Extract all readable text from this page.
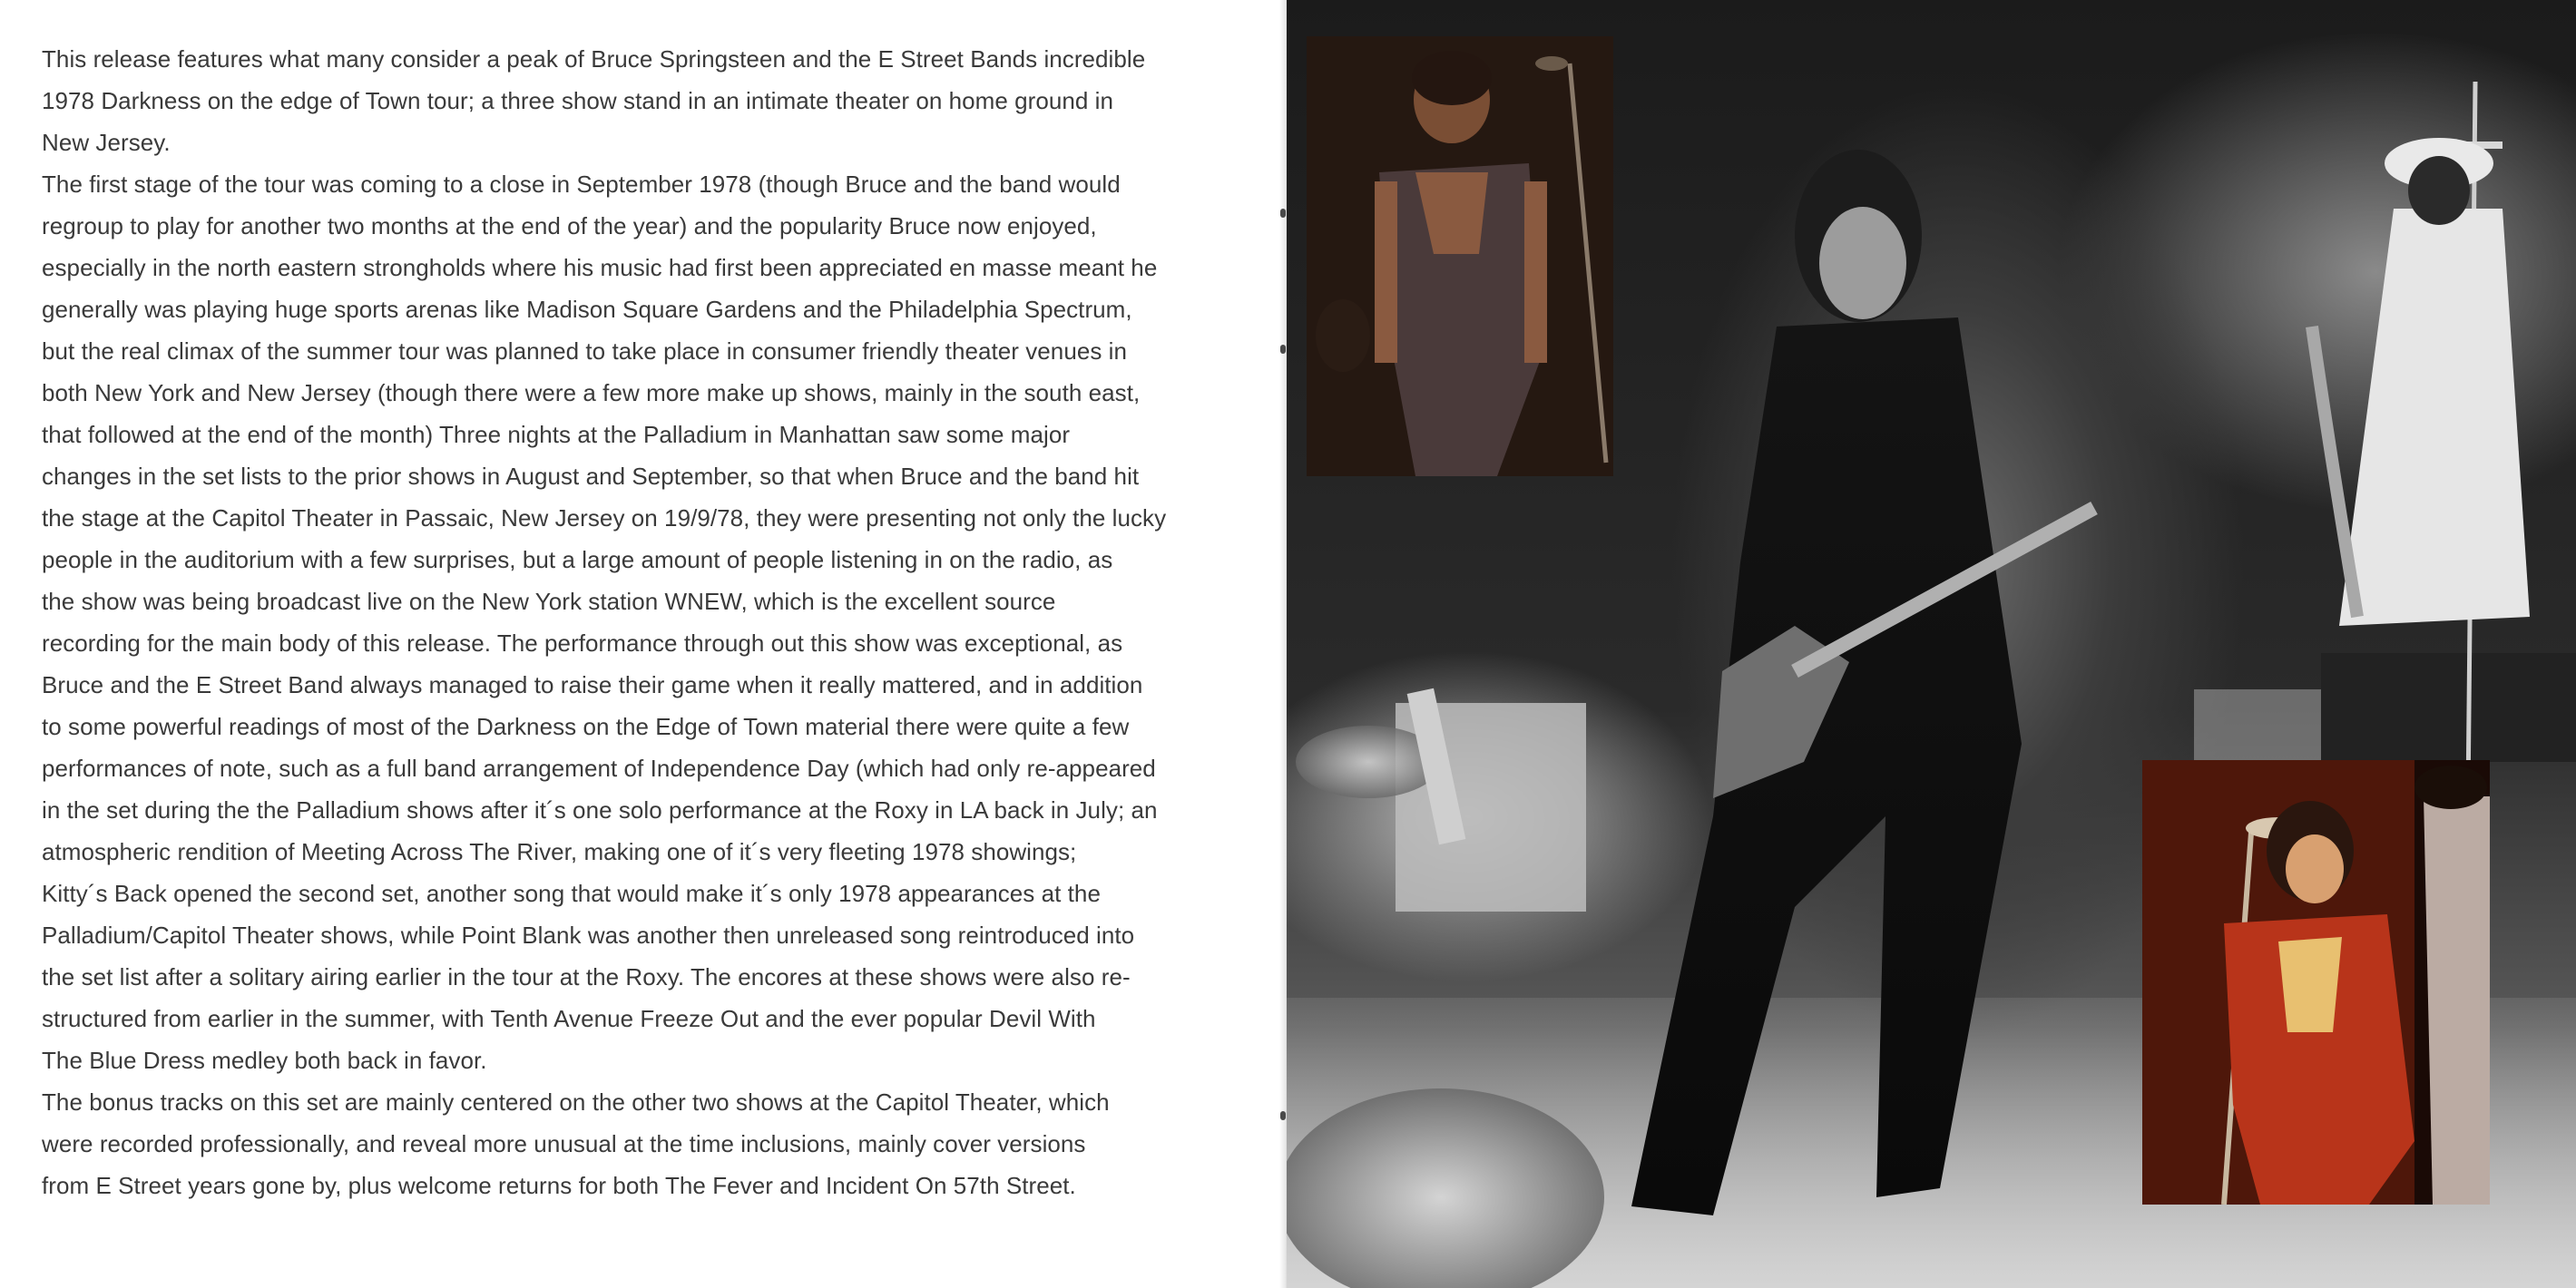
This release features what many consider a peak of Bruce Springsteen and the E Street Bands incredible
1978 Darkness on the edge of Town tour; a three show stand in an intimate theater on home ground in
New Jersey.

The first stage of the tour was coming to a close in September 1978 (though Bruce and the band would
regroup to play for another two months at the end of the year) and the popularity Bruce now enjoyed,
especially in the north eastern strongholds where his music had first been appreciated en masse meant he
generally was playing huge sports arenas like Madison Square Gardens and the Philadelphia Spectrum,
but the real climax of the summer tour was planned to take place in consumer friendly theater venues in
both New York and New Jersey (though there were a few more make up shows, mainly in the south east,
that followed at the end of the month) Three nights at the Palladium in Manhattan saw some major
changes in the set lists to the prior shows in August and September, so that when Bruce and the band hit
the stage at the Capitol Theater in Passaic, New Jersey on 19/9/78, they were presenting not only the lucky
people in the auditorium with a few surprises, but a large amount of people listening in on the radio, as
the show was being broadcast live on the New York station WNEW, which is the excellent source
recording for the main body of this release. The performance through out this show was exceptional, as
Bruce and the E Street Band always managed to raise their game when it really mattered, and in addition
to some powerful readings of most of the Darkness on the Edge of Town material there were quite a few
performances of note, such as a full band arrangement of Independence Day (which had only re-appeared
in the set during the the Palladium shows after it´s one solo performance at the Roxy in LA back in July; an
atmospheric rendition of Meeting Across The River, making one of it´s very fleeting 1978 showings;
Kitty´s Back opened the second set, another song that would make it´s only 1978 appearances at the
Palladium/Capitol Theater shows, while Point Blank was another then unreleased song reintroduced into
the set list after a solitary airing earlier in the tour at the Roxy. The encores at these shows were also re-
structured from earlier in the summer, with Tenth Avenue Freeze Out and the ever popular Devil With
The Blue Dress medley both back in favor.

The bonus tracks on this set are mainly centered on the other two shows at the Capitol Theater, which
were recorded professionally, and reveal more unusual at the time inclusions, mainly cover versions
from E Street years gone by, plus welcome returns for both The Fever and Incident On 57th Street.
